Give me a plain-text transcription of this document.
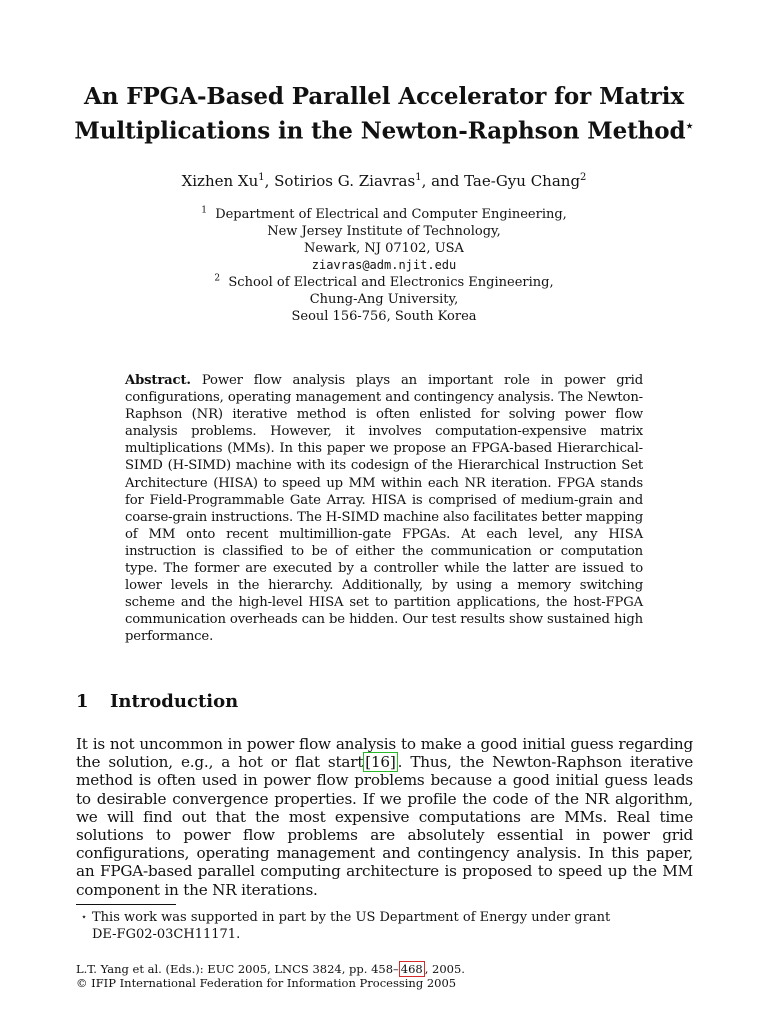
An FPGA-Based Parallel Accelerator for Matrix
Multiplications in the Newton-Raphson Method⋆
Xizhen Xu$^1$, Sotirios G. Ziavras$^1$, and Tae-Gyu Chang$^2$
$^1$ Department of Electrical and Computer Engineering,
New Jersey Institute of Technology,
Newark, NJ 07102, USA
ziavras@adm.njit.edu
$^2$ School of Electrical and Electronics Engineering,
Chung-Ang University,
Seoul 156-756, South Korea
Abstract. Power flow analysis plays an important role in power grid configurations, operating management and contingency analysis. The Newton-Raphson (NR) iterative method is often enlisted for solving power flow analysis problems. However, it involves computation-expensive matrix multiplications (MMs). In this paper we propose an FPGA-based Hierarchical-SIMD (H-SIMD) machine with its codesign of the Hierarchical Instruction Set Architecture (HISA) to speed up MM within each NR iteration. FPGA stands for Field-Programmable Gate Array. HISA is comprised of medium-grain and coarse-grain instructions. The H-SIMD machine also facilitates better mapping of MM onto recent multimillion-gate FPGAs. At each level, any HISA instruction is classified to be of either the communication or computation type. The former are executed by a controller while the latter are issued to lower levels in the hierarchy. Additionally, by using a memory switching scheme and the high-level HISA set to partition applications, the host-FPGA communication overheads can be hidden. Our test results show sustained high performance.
1 Introduction
It is not uncommon in power flow analysis to make a good initial guess regarding the solution, e.g., a hot or flat start [16] . Thus, the Newton-Raphson iterative method is often used in power flow problems because a good initial guess leads to desirable convergence properties. If we profile the code of the NR algorithm, we will find out that the most expensive computations are MMs. Real time solutions to power flow problems are absolutely essential in power grid configurations, operating management and contingency analysis. In this paper, an FPGA-based parallel computing architecture is proposed to speed up the MM component in the NR iterations.
⋆ This work was supported in part by the US Department of Energy under grant
DE-FG02-03CH11171.
L.T. Yang et al. (Eds.): EUC 2005, LNCS 3824, pp. 458– 468 , 2005.
© IFIP International Federation for Information Processing 2005
